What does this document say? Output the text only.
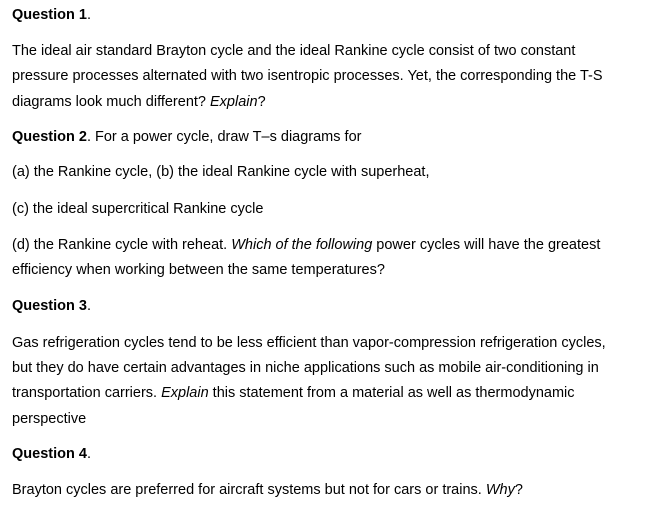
Question 1.
The ideal air standard Brayton cycle and the ideal Rankine cycle consist of two constant
pressure processes alternated with two isentropic processes. Yet, the corresponding the T-S
diagrams look much different? Explain?
Question 2. For a power cycle, draw T–s diagrams for
(a) the Rankine cycle, (b) the ideal Rankine cycle with superheat,
(c) the ideal supercritical Rankine cycle
(d) the Rankine cycle with reheat. Which of the following power cycles will have the greatest
efficiency when working between the same temperatures?
Question 3.
Gas refrigeration cycles tend to be less efficient than vapor-compression refrigeration cycles,
but they do have certain advantages in niche applications such as mobile air-conditioning in
transportation carriers. Explain this statement from a material as well as thermodynamic
perspective
Question 4.
Brayton cycles are preferred for aircraft systems but not for cars or trains. Why?
